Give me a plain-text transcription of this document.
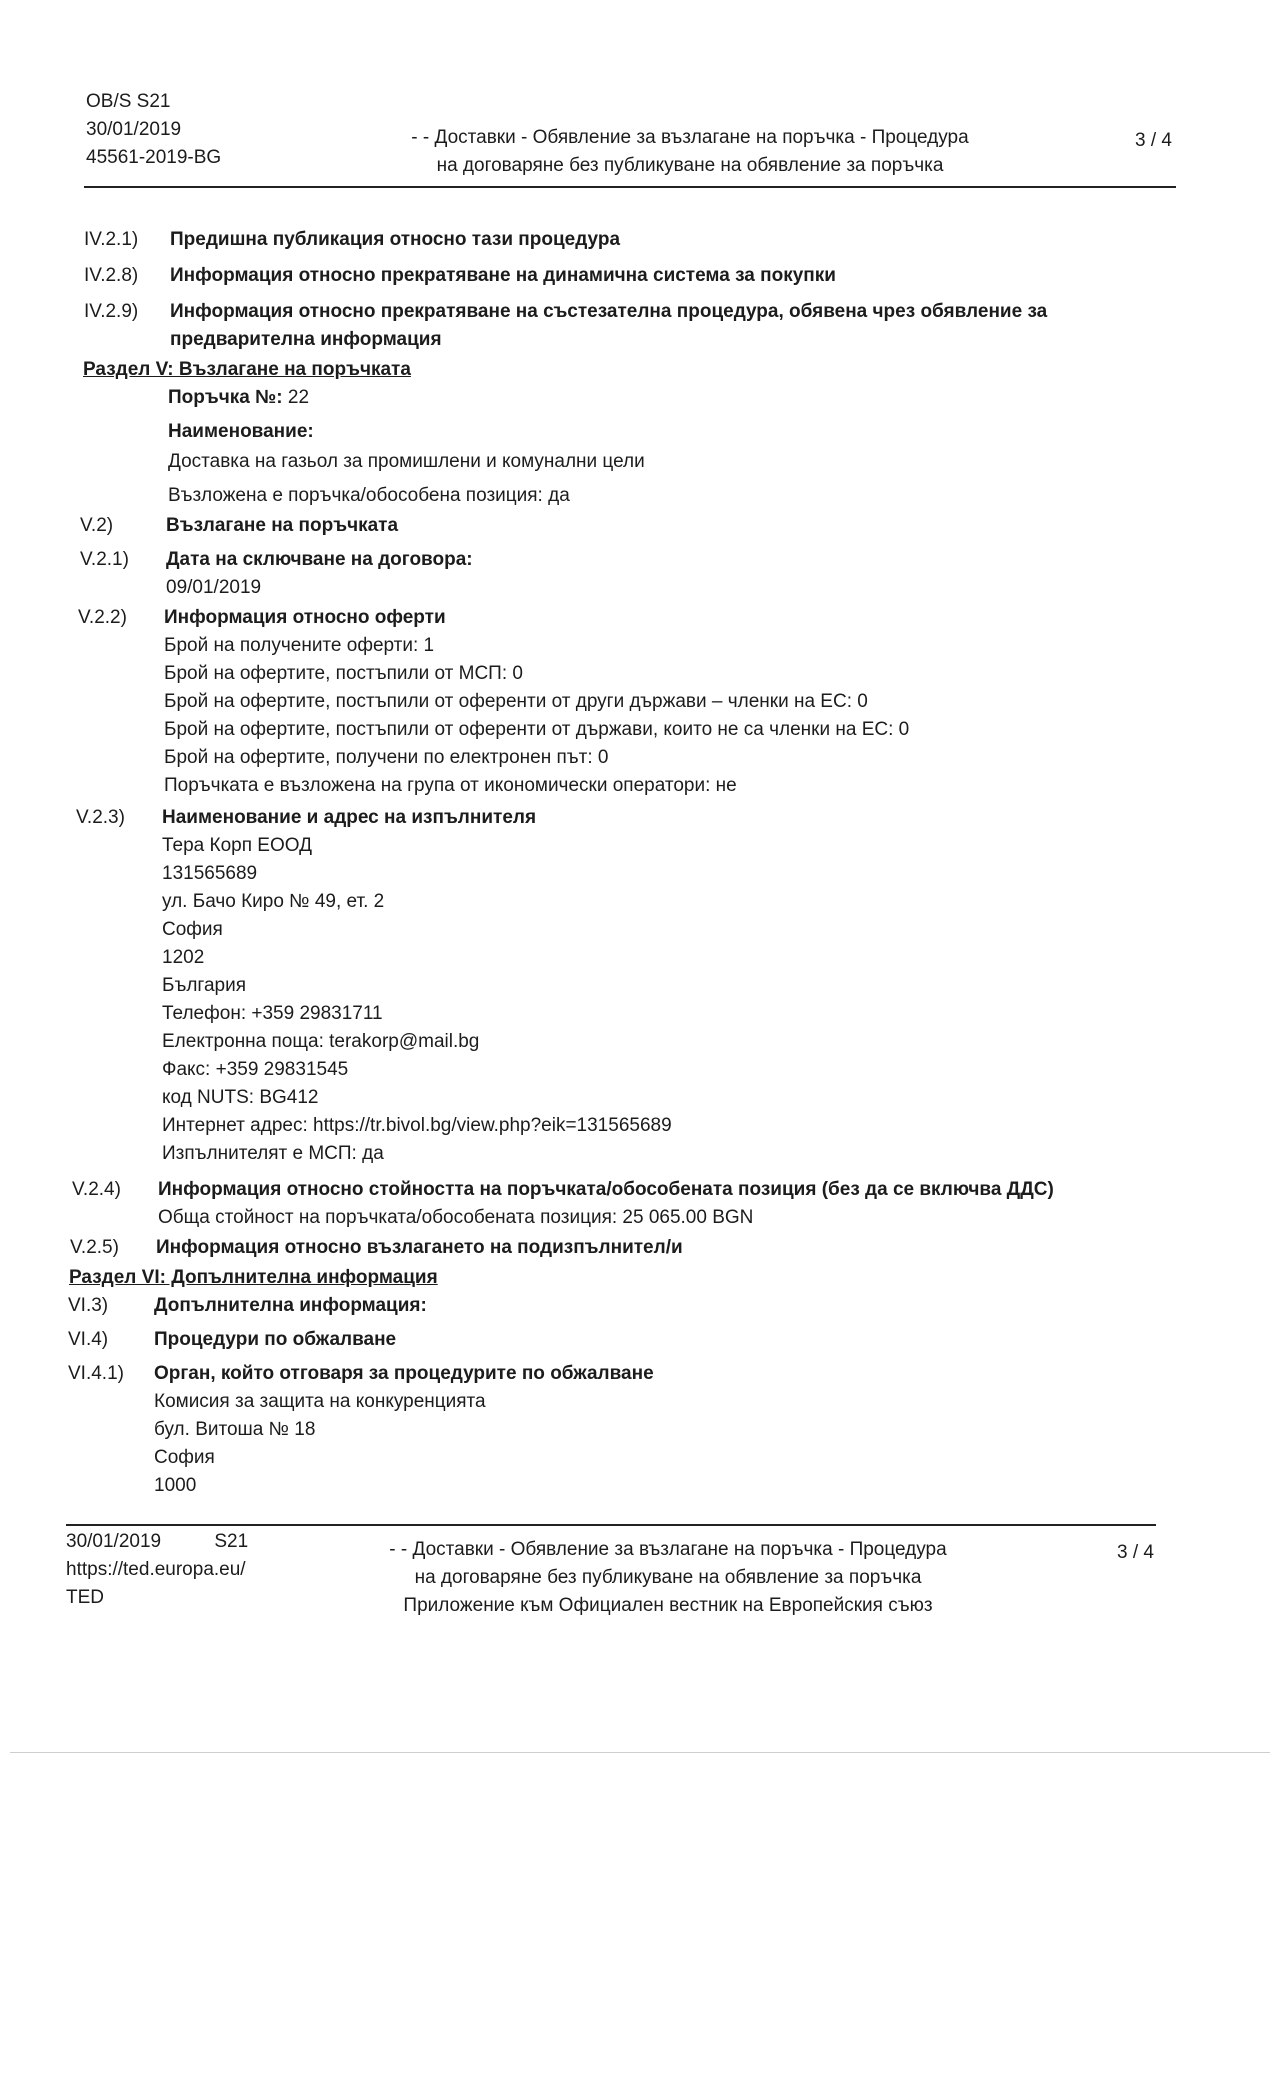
OB/S S21
30/01/2019
45561-2019-BG
- - Доставки - Обявление за възлагане на поръчка - Процедура
на договаряне без публикуване на обявление за поръчка
3 / 4
IV.2.1)	Предишна публикация относно тази процедура
IV.2.8)	Информация относно прекратяване на динамична система за покупки
IV.2.9)	Информация относно прекратяване на състезателна процедура, обявена чрез обявление за
предварителна информация
Раздел V: Възлагане на поръчката
Поръчка №: 22
Наименование:
Доставка на газьол за промишлени и комунални цели
Възложена е поръчка/обособена позиция: да
V.2)	Възлагане на поръчката
V.2.1)	Дата на сключване на договора:
09/01/2019
V.2.2)	Информация относно оферти
Брой на получените оферти: 1
Брой на офертите, постъпили от МСП: 0
Брой на офертите, постъпили от оференти от други държави – членки на ЕС: 0
Брой на офертите, постъпили от оференти от държави, които не са членки на ЕС: 0
Брой на офертите, получени по електронен път: 0
Поръчката е възложена на група от икономически оператори: не
V.2.3)	Наименование и адрес на изпълнителя
Тера Корп ЕООД
131565689
ул. Бачо Киро № 49, ет. 2
София
1202
България
Телефон: +359 29831711
Електронна поща: terakorp@mail.bg
Факс: +359 29831545
код NUTS: BG412
Интернет адрес: https://tr.bivol.bg/view.php?eik=131565689
Изпълнителят е МСП: да
V.2.4)	Информация относно стойността на поръчката/обособената позиция (без да се включва ДДС)
Обща стойност на поръчката/обособената позиция: 25 065.00 BGN
V.2.5)	Информация относно възлагането на подизпълнител/и
Раздел VI: Допълнителна информация
VI.3)	Допълнителна информация:
VI.4)	Процедури по обжалване
VI.4.1)	Орган, който отговаря за процедурите по обжалване
Комисия за защита на конкуренцията
бул. Витоша № 18
София
1000
30/01/2019	S21
https://ted.europa.eu/
TED
- - Доставки - Обявление за възлагане на поръчка - Процедура
на договаряне без публикуване на обявление за поръчка
Приложение към Официален вестник на Европейския съюз
3 / 4
